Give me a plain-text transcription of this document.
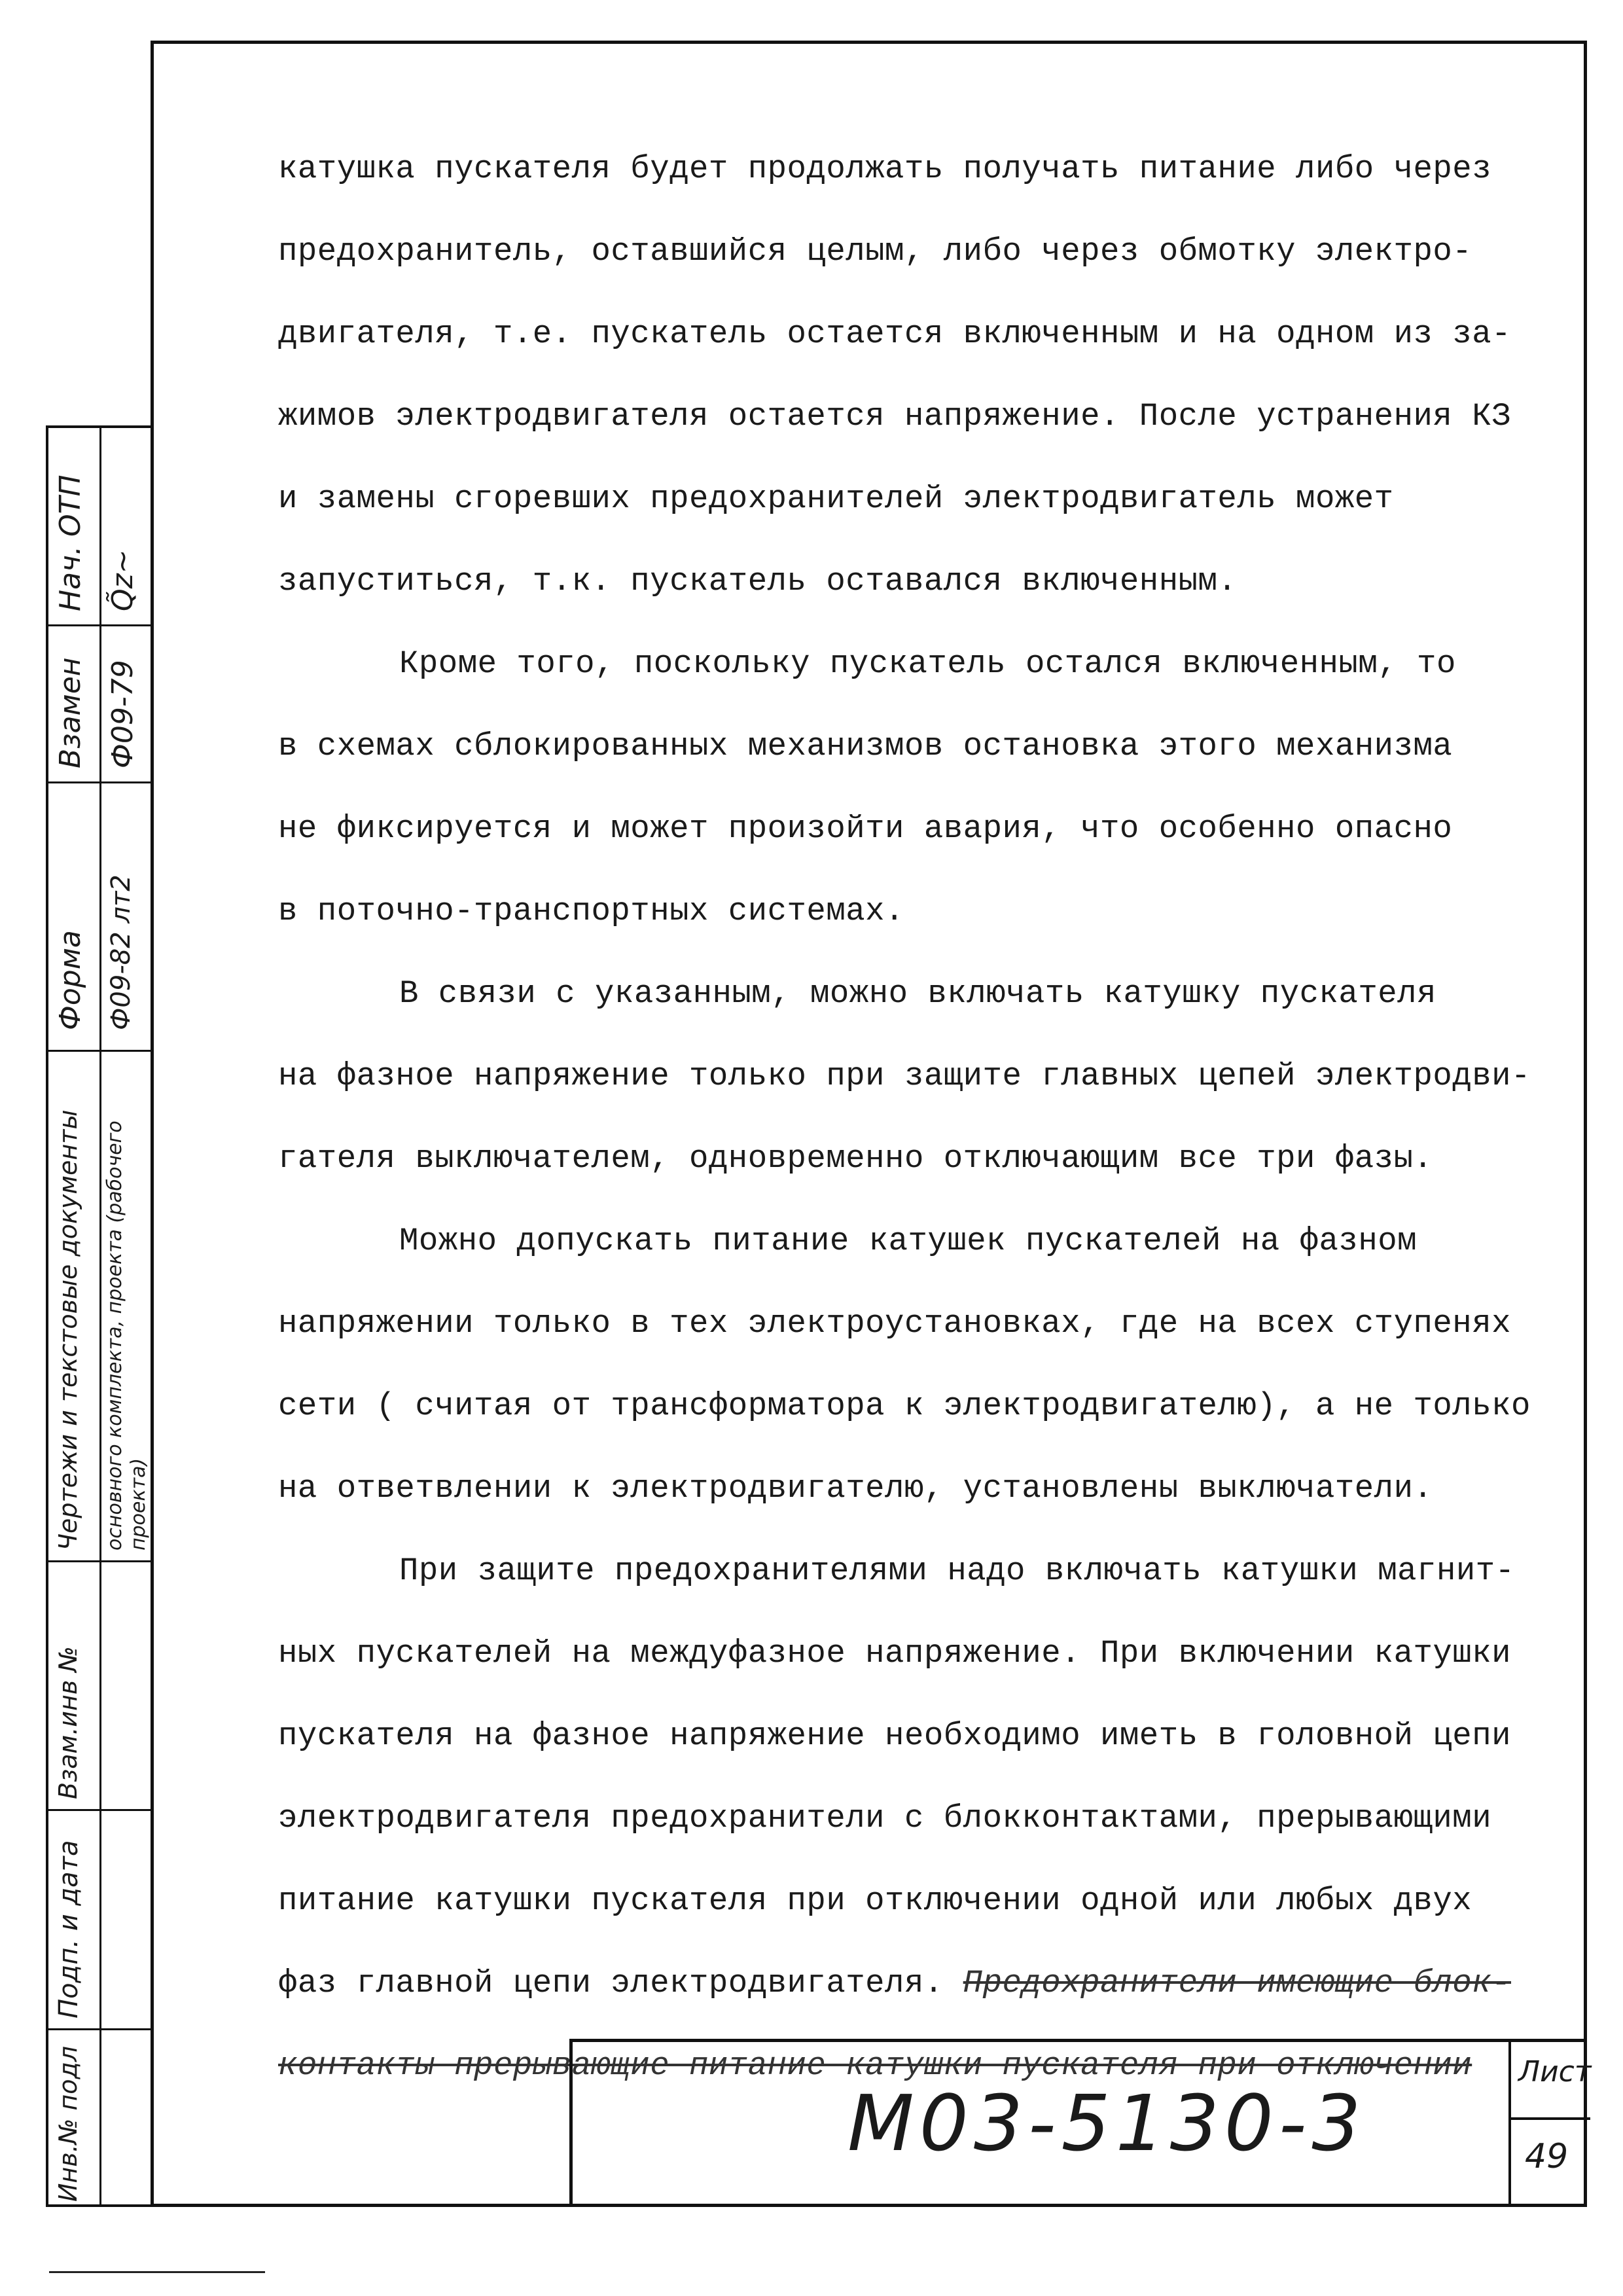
Нач. ОТП Q̃z~
Взамен Ф09-79
Форма Ф09-82 лт2
Чертежи и текстовые документы основного комплекта, проекта (рабочего проекта)
Взам.инв №
Подп. и дата
Инв.№ подл
катушка пускателя будет продолжать получать питание либо через
предохранитель, оставшийся целым, либо через обмотку электро-
двигателя, т.е. пускатель остается включенным и на одном из за-
жимов электродвигателя остается напряжение. После устранения КЗ
и замены сгоревших предохранителей электродвигатель может
запуститься, т.к. пускатель оставался включенным.
Кроме того, поскольку пускатель остался включенным, то
в схемах сблокированных механизмов остановка этого механизма
не фиксируется и может произойти авария, что особенно опасно
в поточно-транспортных системах.
В связи с указанным, можно включать катушку пускателя
на фазное напряжение только при защите главных цепей электродви-
гателя выключателем, одновременно отключающим все три фазы.
Можно допускать питание катушек пускателей на фазном
напряжении только в тех электроустановках, где на всех ступенях
сети ( считая от трансформатора к электродвигателю), а не только
на ответвлении к электродвигателю, установлены выключатели.
При защите предохранителями надо включать катушки магнит-
ных пускателей на междуфазное напряжение. При включении катушки
пускателя на фазное напряжение необходимо иметь в головной цепи
электродвигателя предохранители с блокконтактами, прерывающими
питание катушки пускателя при отключении одной или любых двух
фаз главной цепи электродвигателя. Предохранители имеющие блок-
контакты прерывающие питание катушки пускателя при отключении
М03-5130-3
Лист
49
